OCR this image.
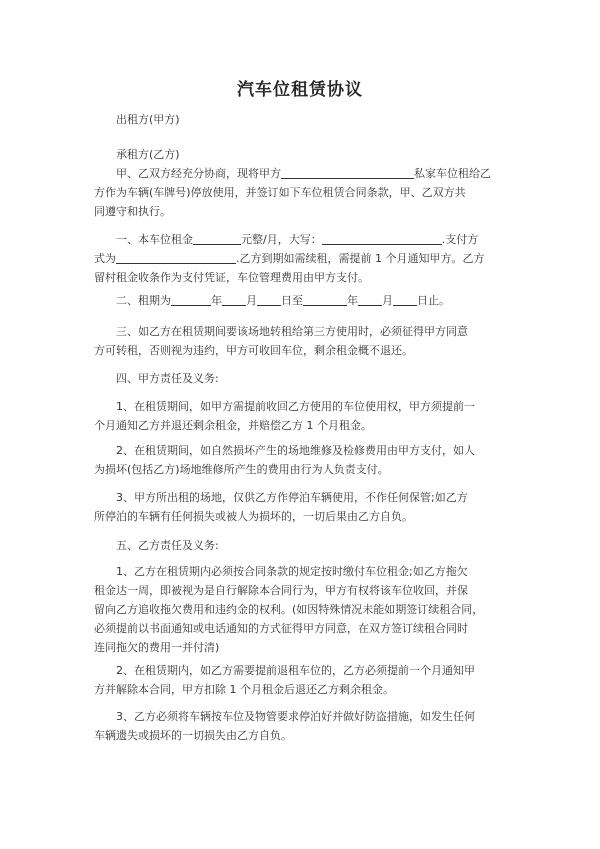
汽车位租赁协议
出租方(甲方)
承租方(乙方)
甲、乙双方经充分协商，现将甲方	私家车位租给乙
方作为车辆(车牌号)停放使用，并签订如下车位租赁合同条款，甲、乙双方共
同遵守和执行。
一、本车位租金	元整/月，大写：	.支付方
式为	.乙方到期如需续租，需提前 1 个月通知甲方。乙方
留村租金收条作为支付凭证，车位管理费用由甲方支付。
二、租期为	年 月 日至	年 月 日止。
三、如乙方在租赁期间要该场地转租给第三方使用时，必须征得甲方同意
方可转租，否则视为违约，甲方可收回车位，剩余租金概不退还。
四、甲方责任及义务:
1、在租赁期间，如甲方需提前收回乙方使用的车位使用权，甲方须提前一
个月通知乙方并退还剩余租金，并赔偿乙方 1 个月租金。
2、在租赁期间，如自然损坏产生的场地维修及检修费用由甲方支付，如人
为损坏(包括乙方)场地维修所产生的费用由行为人负责支付。
3、甲方所出租的场地，仅供乙方作停泊车辆使用，不作任何保管;如乙方
所停泊的车辆有任何损失或被人为损坏的，一切后果由乙方自负。
五、乙方责任及义务:
1、乙方在租赁期内必须按合同条款的规定按时缴付车位租金;如乙方拖欠
租金达一周，即被视为是自行解除本合同行为，甲方有权将该车位收回，并保
留向乙方追收拖欠费用和违约金的权利。(如因特殊情况未能如期签订续租合同，
必须提前以书面通知或电话通知的方式征得甲方同意，在双方签订续租合同时
连同拖欠的费用一并付清)
2、在租赁期内，如乙方需要提前退租车位的，乙方必须提前一个月通知甲
方并解除本合同，甲方扣除 1 个月租金后退还乙方剩余租金。
3、乙方必须将车辆按车位及物管要求停泊好并做好防盗措施，如发生任何
车辆遗失或损坏的一切损失由乙方自负。
